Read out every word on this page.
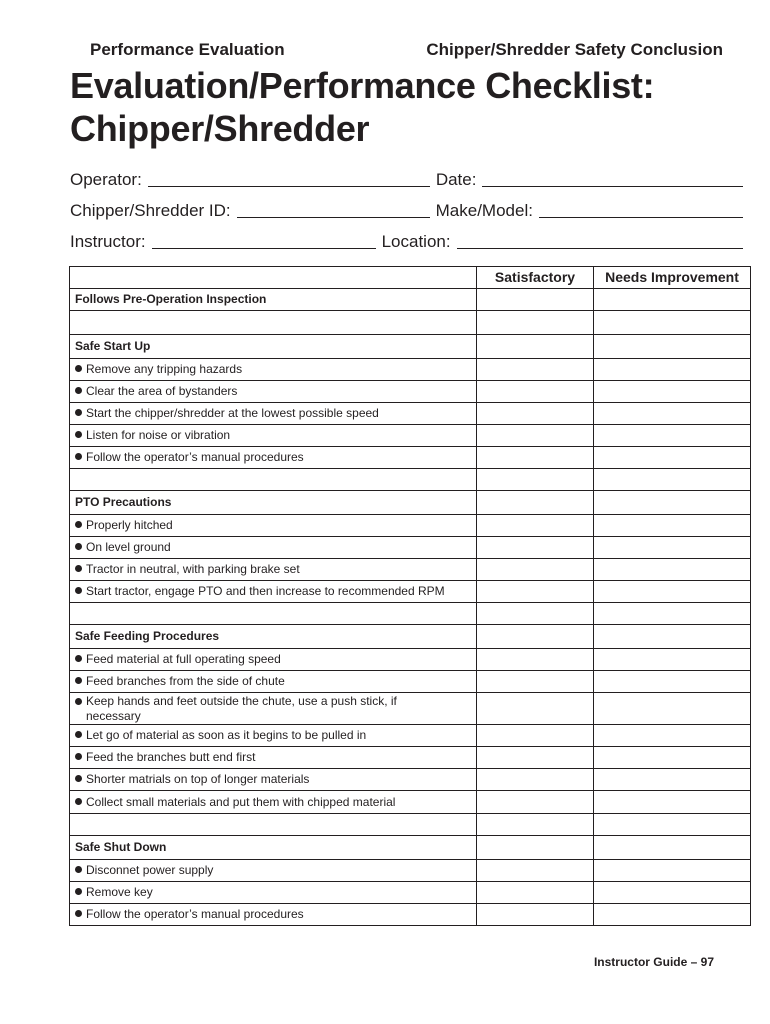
Performance Evaluation	Chipper/Shredder Safety Conclusion
Evaluation/Performance Checklist:
Chipper/Shredder
Operator:	Date:
Chipper/Shredder ID:	Make/Model:
Instructor:	Location:
	Satisfactory	Needs Improvement
Follows Pre-Operation Inspection		

Safe Start Up		
Remove any tripping hazards		
Clear the area of bystanders		
Start the chipper/shredder at the lowest possible speed		
Listen for noise or vibration		
Follow the operator’s manual procedures		

PTO Precautions		
Properly hitched		
On level ground		
Tractor in neutral, with parking brake set		
Start tractor, engage PTO and then increase to recommended RPM		

Safe Feeding Procedures		
Feed material at full operating speed		
Feed branches from the side of chute		

Keep hands and feet outside the chute, use a push stick, if necessary		

Let go of material as soon as it begins to be pulled in		
Feed the branches butt end first		
Shorter matrials on top of longer materials		
Collect small materials and put them with chipped material		

Safe Shut Down		
Disconnet power supply		
Remove key		
Follow the operator’s manual procedures		
Instructor Guide – 97
